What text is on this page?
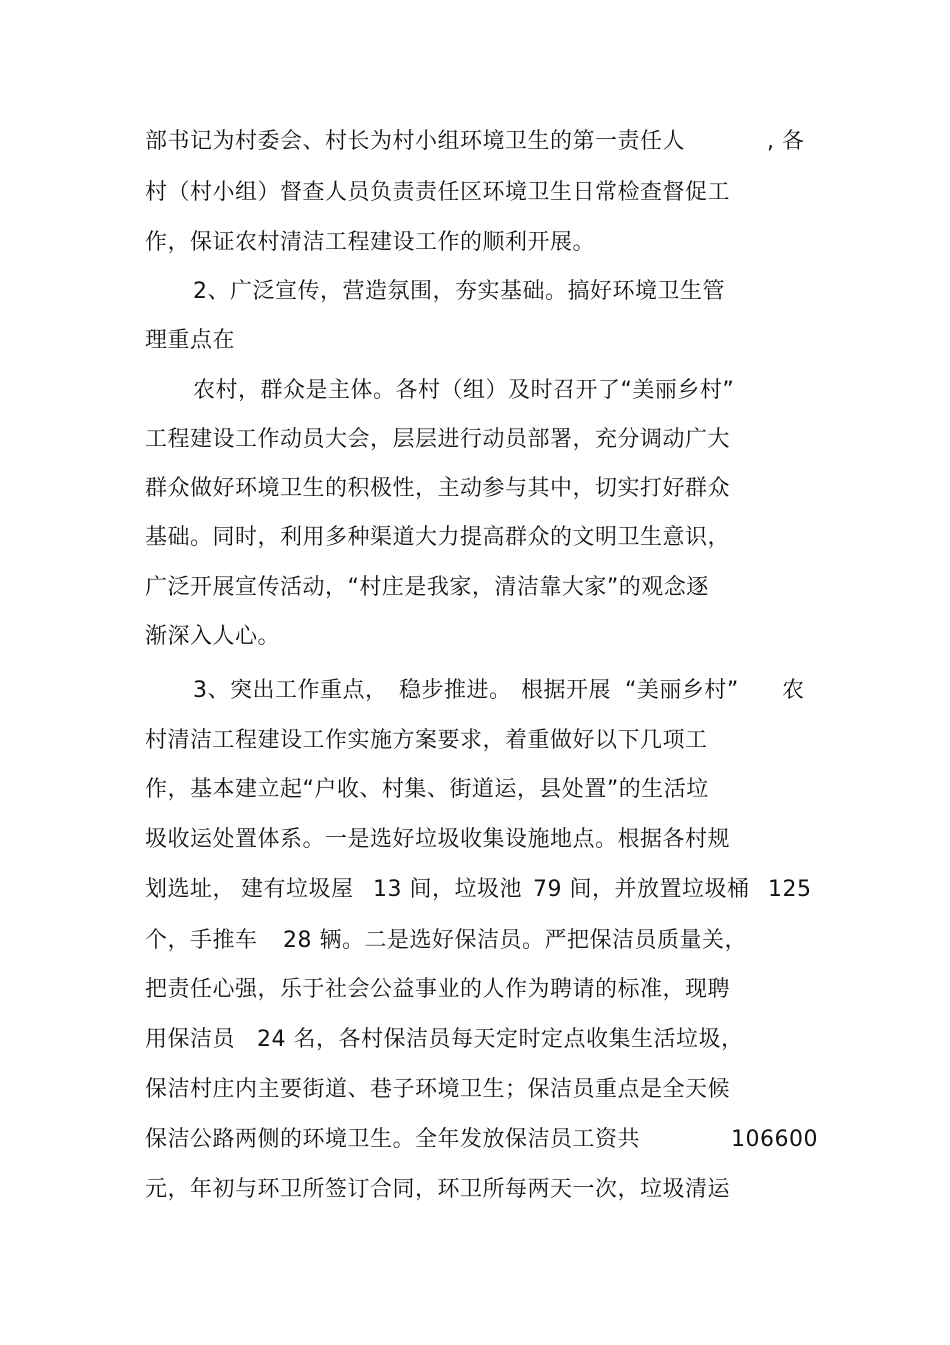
部书记为村委会、村长为村小组环境卫生的第一责任人	, 各
村（村小组）督查人员负责责任区环境卫生日常检查督促工
作，保证农村清洁工程建设工作的顺利开展。
2、广泛宣传，营造氛围，夯实基础。搞好环境卫生管
理重点在
农村，群众是主体。各村（组）及时召开了“美丽乡村”
工程建设工作动员大会，层层进行动员部署，充分调动广大
群众做好环境卫生的积极性，主动参与其中，切实打好群众
基础。同时，利用多种渠道大力提高群众的文明卫生意识，
广泛开展宣传活动，“村庄是我家，清洁靠大家”的观念逐
渐深入人心。
3、突出工作重点， 稳步推进。 根据开展 “美丽乡村” 农
村清洁工程建设工作实施方案要求，着重做好以下几项工
作，基本建立起“户收、村集、街道运，县处置”的生活垃
圾收运处置体系。一是选好垃圾收集设施地点。根据各村规
划选址， 建有垃圾屋 13 间，垃圾池 79 间，并放置垃圾桶 125
个，手推车 28 辆。二是选好保洁员。严把保洁员质量关，
把责任心强，乐于社会公益事业的人作为聘请的标准，现聘
用保洁员 24 名，各村保洁员每天定时定点收集生活垃圾，
保洁村庄内主要街道、巷子环境卫生；保洁员重点是全天候
保洁公路两侧的环境卫生。全年发放保洁员工资共	106600
元，年初与环卫所签订合同，环卫所每两天一次，垃圾清运
